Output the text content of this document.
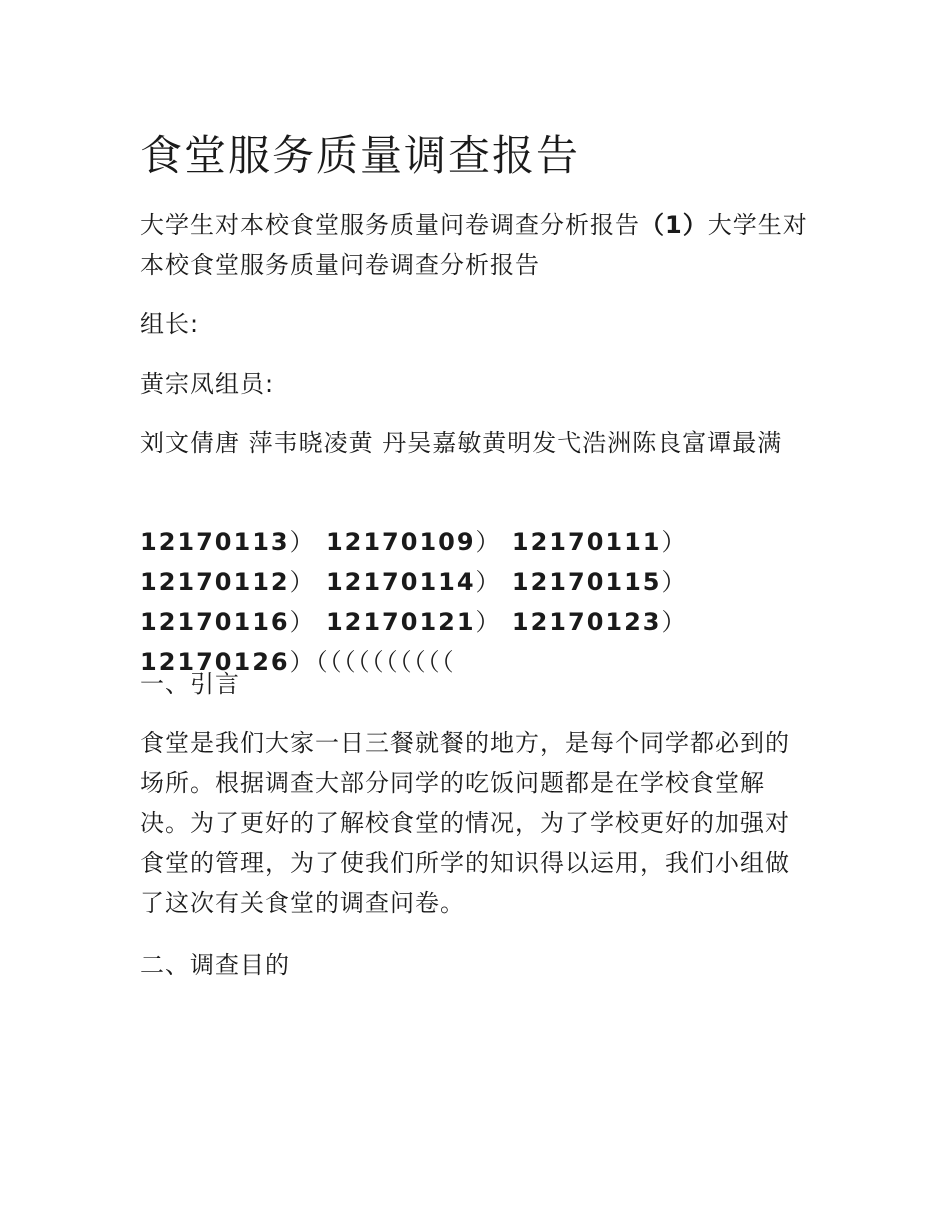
食堂服务质量调查报告

大学生对本校食堂服务质量问卷调查分析报告（1）大学生对本校食堂服务质量问卷调查分析报告

组长:

黄宗凤组员:

刘文倩唐 萍韦晓凌黄 丹吴嘉敏黄明发弋浩洲陈良富谭最满

12170113） 12170109） 12170111） 12170112） 12170114） 12170115） 12170116） 12170121） 12170123） 12170126）（（（（（（（（（（

一、引言

食堂是我们大家一日三餐就餐的地方，是每个同学都必到的场所。根据调查大部分同学的吃饭问题都是在学校食堂解决。为了更好的了解校食堂的情况，为了学校更好的加强对食堂的管理，为了使我们所学的知识得以运用，我们小组做了这次有关食堂的调查问卷。

二、调查目的
